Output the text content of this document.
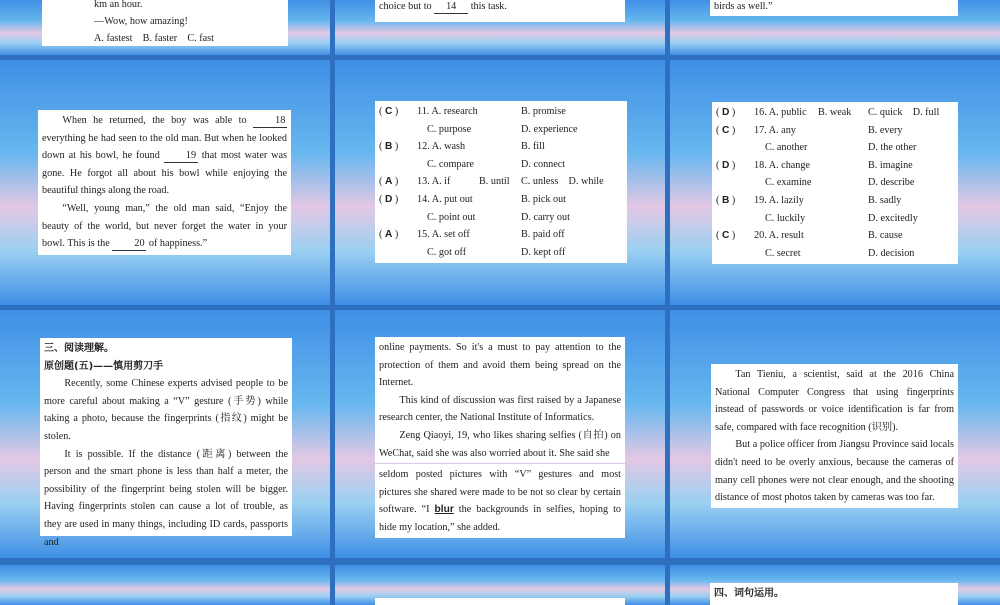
km an hour.

—Wow, how amazing!

A. fastest    B. faster    C. fast

choice but to 14 this task.	birds as well.”

When he returned, the boy was able to	18 everything he had seen to the old man. But when he looked down at his bowl, he found	19 that most water was gone. He forgot all about his bowl while enjoying the beautiful things along the road.

“Well, young man,” the old man said, “Enjoy the beauty of the world, but never forget the water in your bowl. This is the 20 of happiness.”

( C )	11. A. research	B. promise
C. purpose	D. experience
( B )	12. A. wash	B. fill
C. compare	D. connect
( A )	13. A. if	B. until	C. unless    D. while
( D )	14. A. put out	B. pick out
C. point out	D. carry out
( A )	15. A. set off	B. paid off
C. got off	D. kept off
( D )	16. A. public	B. weak	C. quick    D. full
( C )	17. A. any	B. every
C. another	D. the other
( D )	18. A. change	B. imagine
C. examine	D. describe
( B )	19. A. lazily	B. sadly
C. luckily	D. excitedly
( C )	20. A. result	B. cause
C. secret	D. decision

三、阅读理解。

原创题(五)——慎用剪刀手

Recently, some Chinese experts advised people to be more careful about making a “V” gesture (手势) while taking a photo, because the fingerprints (指纹) might be stolen.

It is possible. If the distance (距离) between the person and the smart phone is less than half a meter, the possibility of the fingerprint being stolen will be bigger. Having fingerprints stolen can cause a lot of trouble, as they are used in many things, including ID cards, passports and

online payments. So it's a must to pay attention to the protection of them and avoid them being spread on the Internet.

This kind of discussion was first raised by a Japanese research center, the National Institute of Informatics.

Zeng Qiaoyi, 19, who likes sharing selfies (自拍) on WeChat, said she was also worried about it. She said she

seldom posted pictures with “V” gestures and most pictures she shared were made to be not so clear by certain software. “I blur the backgrounds in selfies, hoping to hide my location,” she added.

Tan Tieniu, a scientist, said at the 2016 China National Computer Congress that using fingerprints instead of passwords or voice identification is far from safe, compared with face recognition (识别).

But a police officer from Jiangsu Province said locals didn't need to be overly anxious, because the cameras of many cell phones were not clear enough, and the shooting distance of most photos taken by cameras was too far.

四、词句运用。
